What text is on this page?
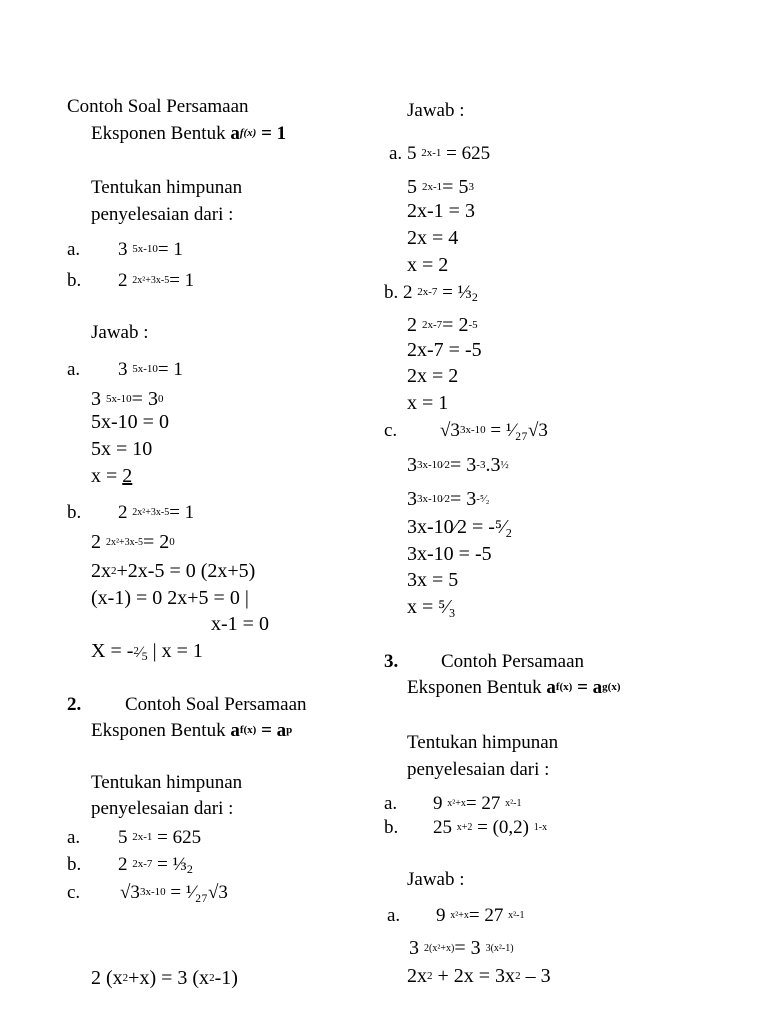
Contoh Soal Persamaan
Eksponen Bentuk $a^{f(x)} = 1$
Tentukan himpunan
penyelesaian dari :
a. 3 $^{5x-10}$= 1
b. 2 $^{2x^2+3x-5}$= 1
Jawab :
a. 3 $^{5x-10}$= 1
3 $^{5x-10}= 3^0$
5x-10 = 0
5x = 10
x = 2
b. 2 $^{2x^2+3x-5}$= 1
2 $^{2x^2+3x-5}= 2^0$
$2x^2+2x-5 = 0$ (2x+5)
(x-1) = 0 2x+5 = 0 |
x-1 = 0
$X = -^2⁄_5$ | x = 1
2. Contoh Soal Persamaan
Eksponen Bentuk $a^{f(x)} = a^p$
Tentukan himpunan
penyelesaian dari :
a. 5 $^{2x-1}$ = 625
b. 2 $^{2x-7} = \frac{1}{3}_2$
c. $√3^{3x-10}$ = ¹⁄₂₇√3
2 $(x^2+x) = 3$ $(x^2-1)$
Jawab :
a. 5 $^{2x-1}$ = 625
5 $^{2x-1}= 5^3$
2x-1 = 3
2x = 4
x = 2
b. 2 $^{2x-7} = \frac{1}{3}_2$
2 $^{2x-7}= 2^{-5}$
2x-7 = -5
2x = 2
x = 1
c. $√3^{3x-10}$ = ¹⁄₂₇√3
$3^{3x-10⁄2}= 3^{-3}.3^{\frac{1}{2}}$
$3^{3x-10⁄2}= 3^{-^5⁄_2}$
3x-10⁄2 = -⁵⁄₂
3x-10 = -5
3x = 5
x = ⁵⁄₃
3. Contoh Persamaan
Eksponen Bentuk $a^{f(x)} = a^{g(x)}$
Tentukan himpunan
penyelesaian dari :
a. 9 $^{x^2+x}$= 27 $^{x^2-1}$
b. 25 $^{x+2}$ = (0,2) $^{1-x}$
Jawab :
a. 9 $^{x^2+x}$= 27 $^{x^2-1}$
3 $^{2(x^2+x)}$= 3 $^{3(x^2-1)}$
$2x^2 + 2x = 3x^2 - 3$
